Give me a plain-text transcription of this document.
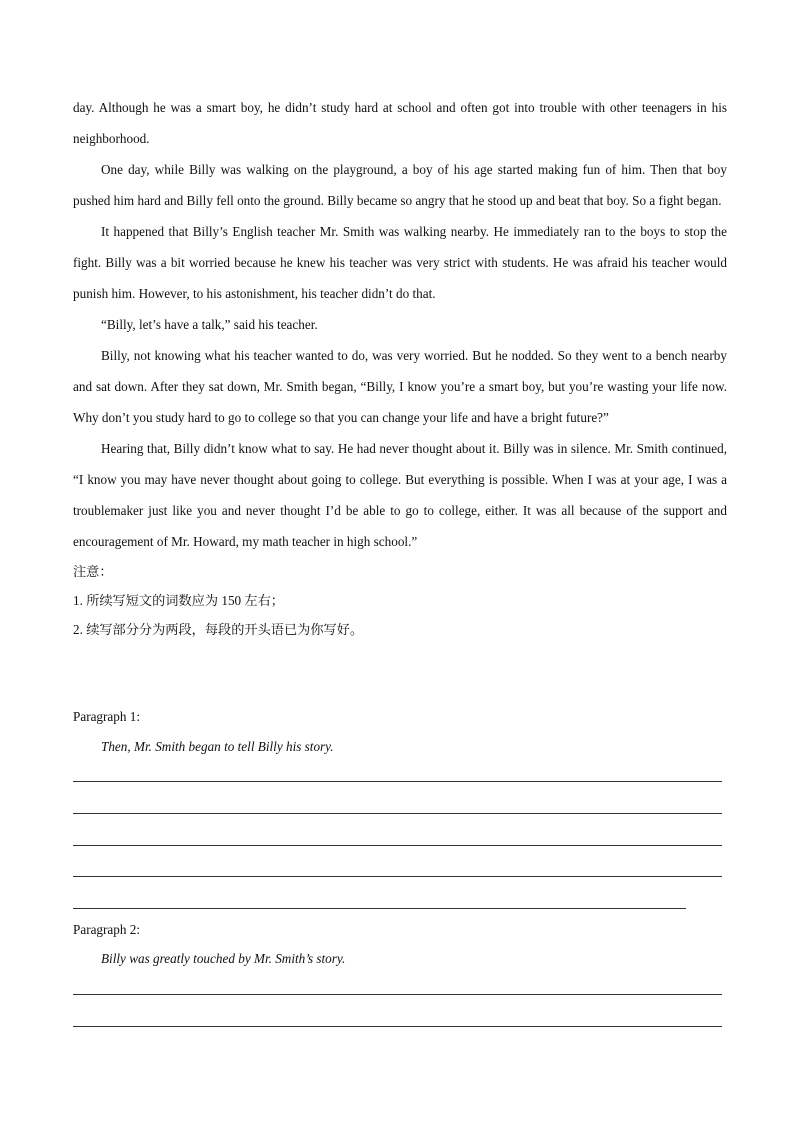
day. Although he was a smart boy, he didn’t study hard at school and often got into trouble with other teenagers in his neighborhood.

One day, while Billy was walking on the playground, a boy of his age started making fun of him. Then that boy pushed him hard and Billy fell onto the ground. Billy became so angry that he stood up and beat that boy. So a fight began.

It happened that Billy’s English teacher Mr. Smith was walking nearby. He immediately ran to the boys to stop the fight. Billy was a bit worried because he knew his teacher was very strict with students. He was afraid his teacher would punish him. However, to his astonishment, his teacher didn’t do that.

“Billy, let’s have a talk,” said his teacher.

Billy, not knowing what his teacher wanted to do, was very worried. But he nodded. So they went to a bench nearby and sat down. After they sat down, Mr. Smith began, “Billy, I know you’re a smart boy, but you’re wasting your life now. Why don’t you study hard to go to college so that you can change your life and have a bright future?”

Hearing that, Billy didn’t know what to say. He had never thought about it. Billy was in silence. Mr. Smith continued, “I know you may have never thought about going to college. But everything is possible. When I was at your age, I was a troublemaker just like you and never thought I’d be able to go to college, either. It was all because of the support and encouragement of Mr. Howard, my math teacher in high school.”

注意：

1. 所续写短文的词数应为 150 左右；

2. 续写部分分为两段，每段的开头语已为你写好。

Paragraph 1:

Then, Mr. Smith began to tell Billy his story.

Paragraph 2:

Billy was greatly touched by Mr. Smith’s story.
